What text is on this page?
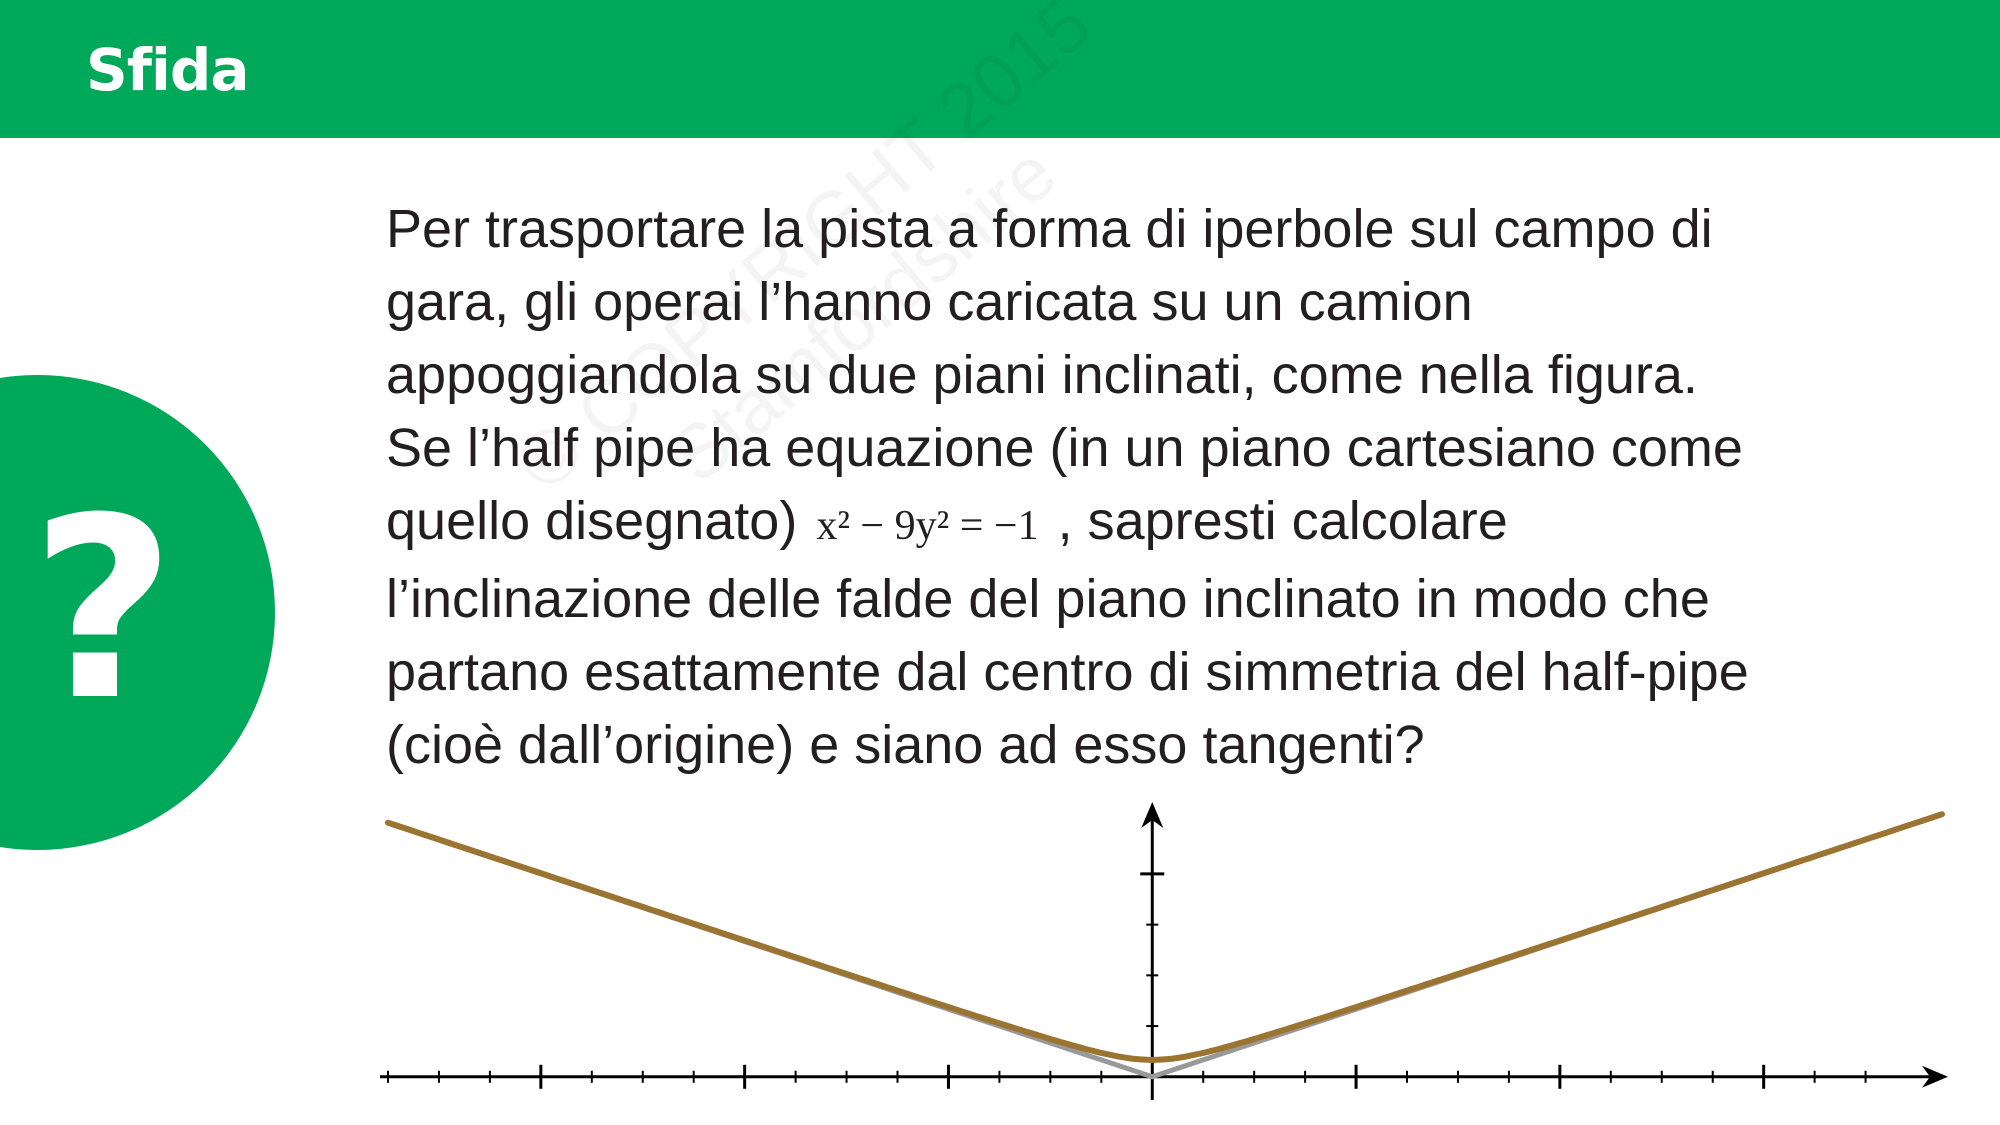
Sfida
?
Per trasportare la pista a forma di iperbole sul campo di
gara, gli operai l’hanno caricata su un camion
appoggiandola su due piani inclinati, come nella figura.
Se l’half pipe ha equazione (in un piano cartesiano come
quello disegnato) x² − 9y² = −1 , sapresti calcolare
l’inclinazione delle falde del piano inclinato in modo che
partano esattamente dal centro di simmetria del half-pipe
(cioè dall’origine) e siano ad esso tangenti?
